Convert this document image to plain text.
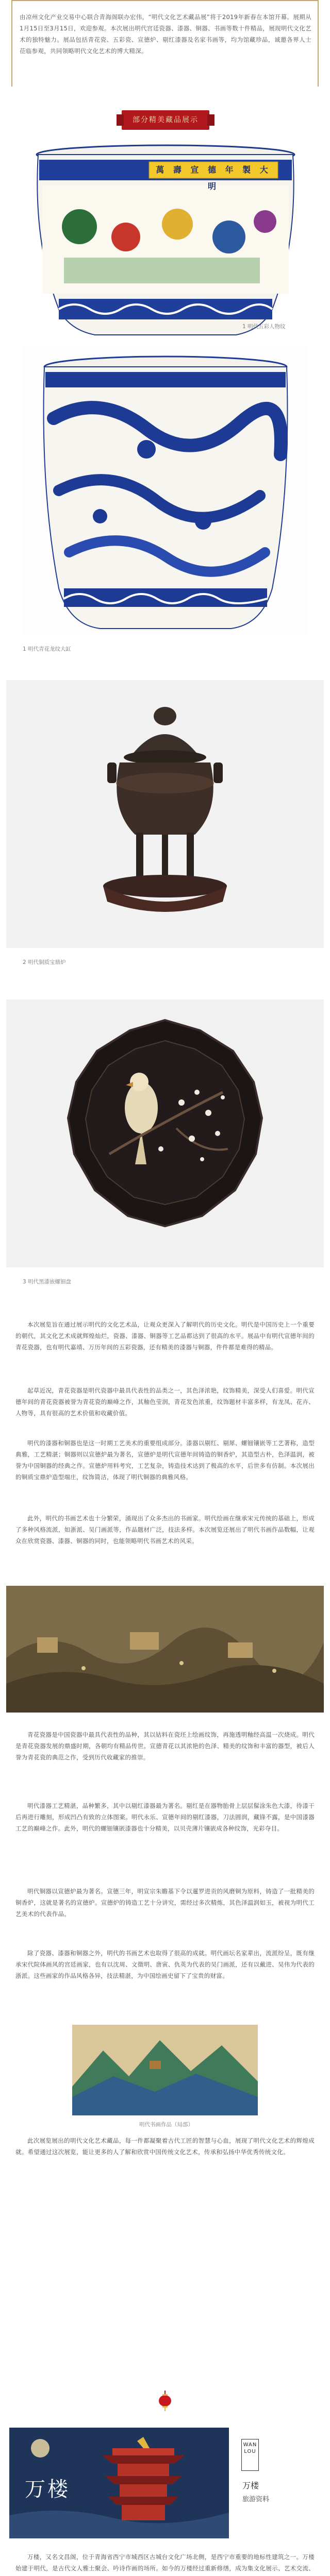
由凉州文化产业交易中心联合青海阁联办宏伟，“明代文化艺术藏品展”将于2019年新春在本馆开幕。展期从1月15日至3月15日，欢迎参观。本次展出明代宫廷瓷器、漆器、铜器、书画等数十件精品，展现明代文化艺术的独特魅力。展品包括青花瓷、五彩瓷、宣德炉、剔红漆器及名家书画等，均为馆藏珍品，诚邀各界人士莅临参观，共同领略明代文化艺术的博大精深。

部分精美藏品展示
萬 壽 宣 德 年 製 大 明
1 明代五彩人物纹
1 明代青花龙纹大缸
2 明代铜质宝鼎炉
3 明代黑漆嵌螺钿盘

本次展览旨在通过展示明代的文化艺术品，让观众更深入了解明代的历史文化。明代是中国历史上一个重要的朝代，其文化艺术成就辉煌灿烂，瓷器、漆器、铜器等工艺品都达到了很高的水平。展品中有明代宣德年间的青花瓷器，也有明代嘉靖、万历年间的五彩瓷器，还有精美的漆器与铜器，件件都是难得的精品。

起草近况，青花瓷器是明代瓷器中最具代表性的品类之一，其色泽浓艳，纹饰精美，深受人们喜爱。明代宣德年间的青花瓷器被誉为青花瓷的巅峰之作，其釉色莹润，青花发色浓重，纹饰题材丰富多样，有龙凤、花卉、人物等，具有很高的艺术价值和收藏价值。

明代的漆器和铜器也是这一时期工艺美术的重要组成部分。漆器以剔红、剔犀、螺钿镶嵌等工艺著称，造型典雅，工艺精湛；铜器则以宣德炉最为著名，宣德炉是明代宣德年间铸造的铜香炉，其造型古朴，色泽温润，被誉为中国铜器的经典之作。宣德炉用料考究，工艺复杂，铸造技术达到了极高的水平，后世多有仿制。本次展出的铜质宝鼎炉造型端庄，纹饰简洁，体现了明代铜器的典雅风格。

此外，明代的书画艺术也十分繁荣，涌现出了众多杰出的书画家。明代绘画在继承宋元传统的基础上，形成了多种风格流派，如浙派、吴门画派等，作品题材广泛，技法多样。本次展览还展出了明代书画作品数幅，让观众在欣赏瓷器、漆器、铜器的同时，也能领略明代书画艺术的风采。

青花瓷器是中国瓷器中最具代表性的品种，其以钴料在瓷坯上绘画纹饰，再施透明釉经高温一次烧成。明代是青花瓷器发展的鼎盛时期，各朝均有精品传世。宣德青花以其浓艳的色泽、精美的纹饰和丰富的器型，被后人誉为青花瓷的典范之作，受到历代收藏家的推崇。

明代漆器工艺精湛，品种繁多，其中以剔红漆器最为著名。剔红是在器物胎骨上层层髹涂朱色大漆，待漆干后再进行雕刻，形成凹凸有致的立体图案。明代永乐、宣德年间的剔红漆器，刀法圆润，藏锋不露，是中国漆器工艺的巅峰之作。此外，明代的螺钿镶嵌漆器也十分精美，以贝壳薄片镶嵌成各种纹饰，光彩夺目。

明代铜器以宣德炉最为著名。宣德三年，明宣宗朱瞻基下令以暹罗进贡的风磨铜为原料，铸造了一批精美的铜香炉，这就是著名的宣德炉。宣德炉的铸造工艺十分讲究，需经过多次精炼，其色泽温润如玉，被视为明代工艺美术的代表作品。

除了瓷器、漆器和铜器之外，明代的书画艺术也取得了很高的成就。明代画坛名家辈出，流派纷呈，既有继承宋代院体画风的宫廷画家，也有以沈周、文徵明、唐寅、仇英为代表的吴门画派，还有以戴进、吴伟为代表的浙派。这些画家的作品风格各异，技法精湛，为中国绘画史留下了宝贵的财富。

明代书画作品（局部）

此次展览展出的明代文化艺术藏品，每一件都凝聚着古代工匠的智慧与心血，展现了明代文化艺术的辉煌成就。希望通过这次展览，能让更多的人了解和欣赏中国传统文化艺术，传承和弘扬中华优秀传统文化。

万楼
WAN LOU
万楼
旅游资料

万楼，又名文昌阁，位于青海省西宁市城西区古城台文化广场北侧，是西宁市重要的地标性建筑之一。万楼始建于明代，是古代文人雅士聚会、吟诗作画的场所。如今的万楼经过重新修缮，成为集文化展示、艺术交流、
